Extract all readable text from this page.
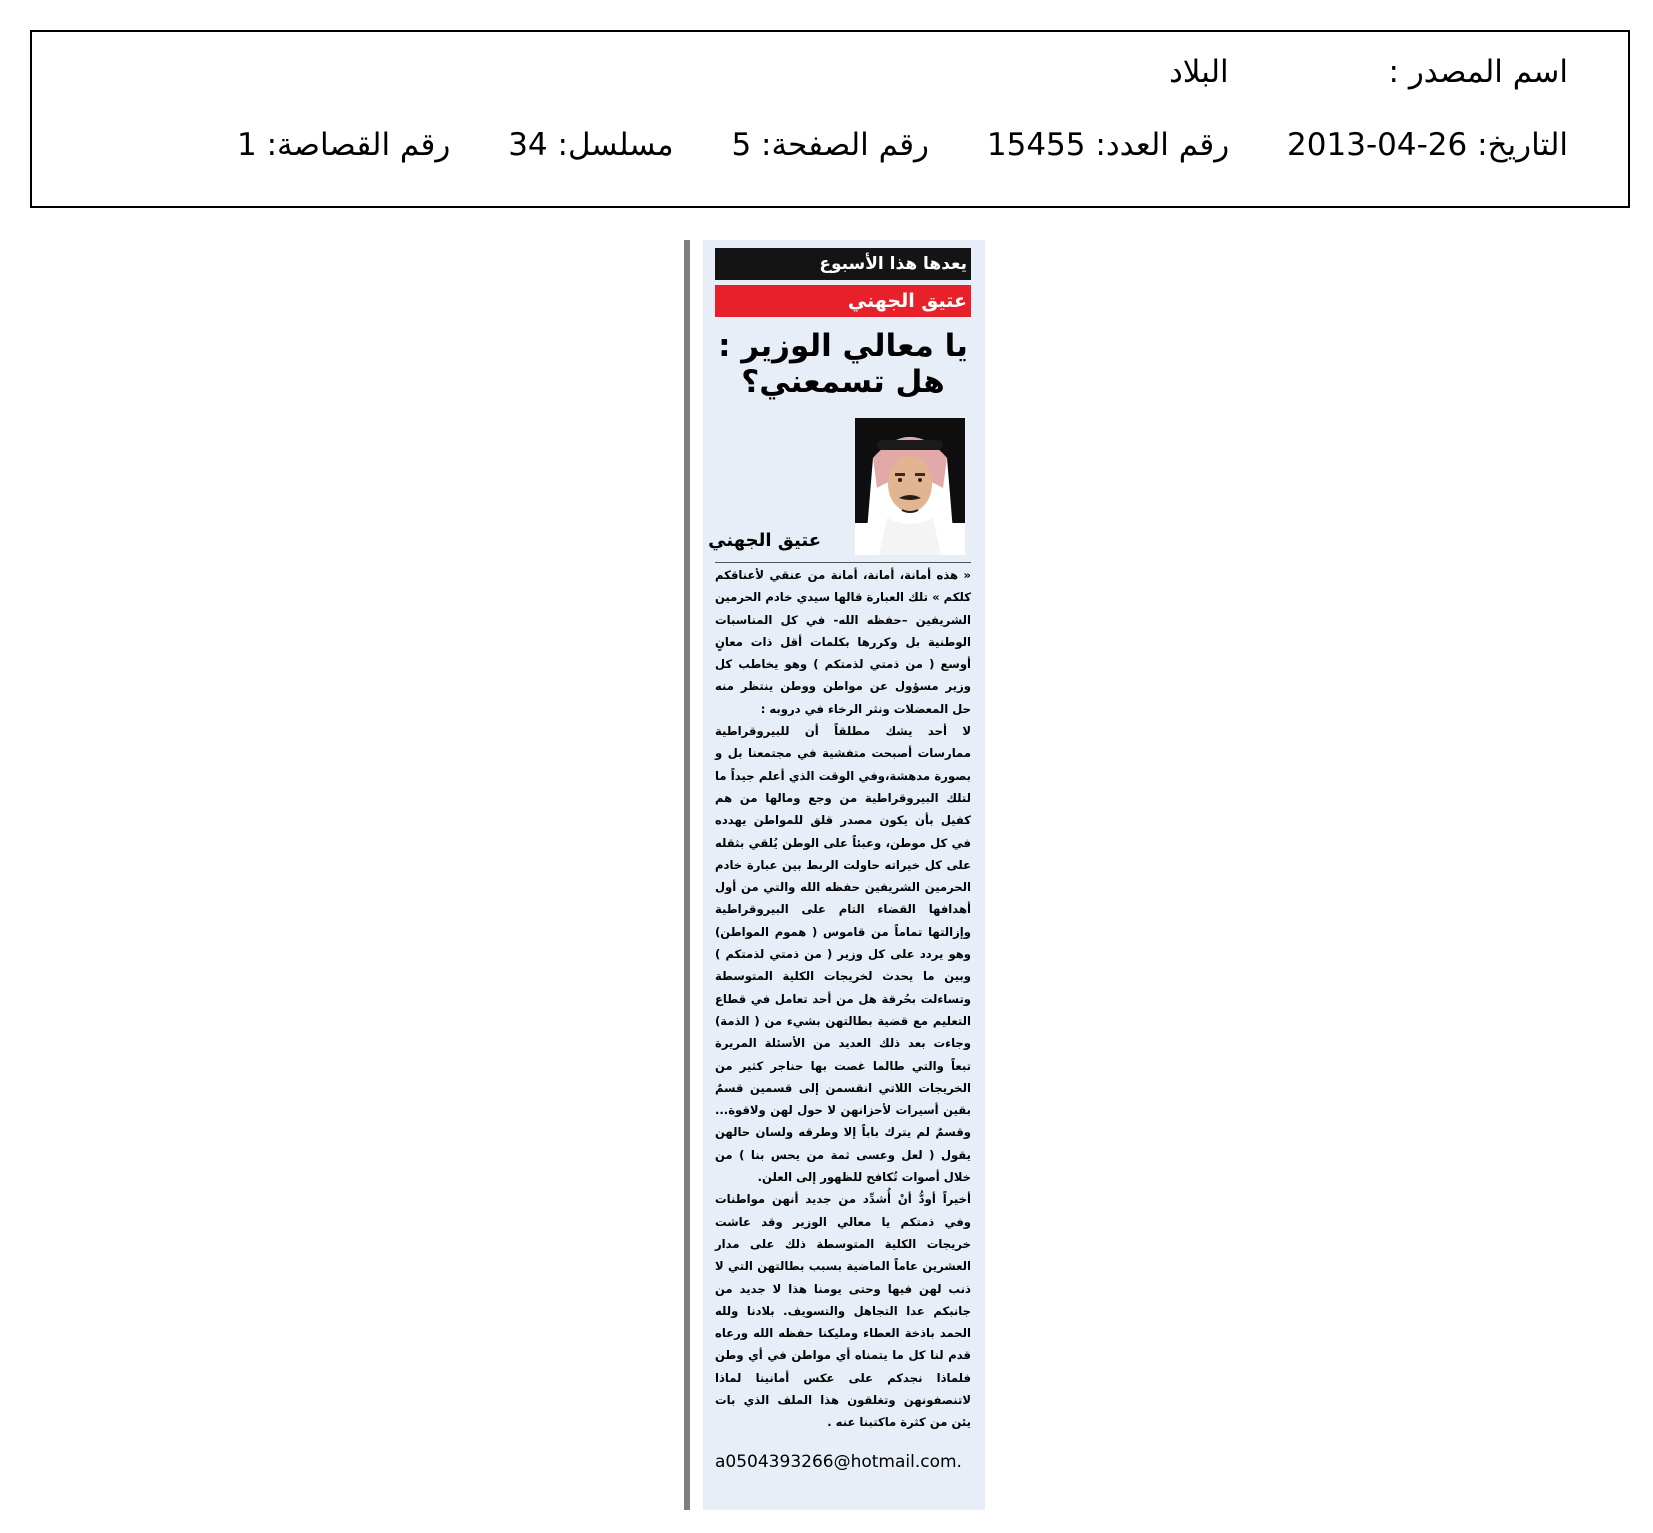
اسم المصدر : البلاد
التاريخ: 26-04-2013 رقم العدد: 15455 رقم الصفحة: 5 مسلسل: 34 رقم القصاصة: 1
يعدها هذا الأسبوع
عتيق الجهني
يا معالي الوزير : هل تسمعني؟
عتيق الجهني

« هذه أمانة، أمانة، أمانة من عنقي لأعناقكم كلكم » تلك العبارة قالها سيدي خادم الحرمين الشريفين –حفظه الله- في كل المناسبات الوطنية بل وكررها بكلمات أقل ذات معانٍ أوسع ( من ذمتي لذمتكم ) وهو يخاطب كل وزير مسؤول عن مواطن ووطن ينتظر منه حل المعضلات ونثر الرخاء في دروبه :

لا أحد يشك مطلقاً أن للبيروقراطية ممارسات أصبحت متفشية في مجتمعنا بل و بصورة مدهشة،وفي الوقت الذي أعلم جيداً ما لتلك البيروقراطية من وجع ومالها من هم كفيل بأن يكون مصدر قلق للمواطن يهدده في كل موطن، وعبئاً على الوطن يُلقي بثقله على كل خيراته حاولت الربط بين عبارة خادم الحرمين الشريفين حفظه الله والتي من أول أهدافها القضاء التام على البيروقراطية وإزالتها تماماً من قاموس ( هموم المواطن) وهو يردد على كل وزير ( من ذمتي لذمتكم ) وبين ما يحدث لخريجات الكلية المتوسطة وتساءلت بحُرقة هل من أحد تعامل في قطاع التعليم مع قضية بطالتهن بشيء من ( الذمة) وجاءت بعد ذلك العديد من الأسئلة المريرة تبعاً والتي طالما غصت بها حناجر كثير من الخريجات اللاتي انقسمن إلى قسمين قسمٌ بقين أسيرات لأحزانهن لا حول لهن ولاقوة... وقسمٌ لم يترك باباً إلا وطرقه ولسان حالهن يقول ( لعل وعسى ثمة من يحس بنا ) من خلال أصوات تُكافح للظهور إلى العلن.

أخيراً أودُّ أنْ أُشدِّد من جديد أنهن مواطنات وفي ذمتكم يا معالي الوزير وقد عاشت خريجات الكلية المتوسطة ذلك على مدار العشرين عاماً الماضية بسبب بطالتهن التي لا ذنب لهن فيها وحتى يومنا هذا لا جديد من جانبكم عدا التجاهل والتسويف. بلادنا ولله الحمد باذخة العطاء ومليكنا حفظه الله ورعاه قدم لنا كل ما يتمناه أي مواطن في أي وطن فلماذا نجدكم على عكس أمانينا لماذا لاتنصفونهن وتغلقون هذا الملف الذي بات يئن من كثرة ماكتبنا عنه .

a0504393266@hotmail.com.
